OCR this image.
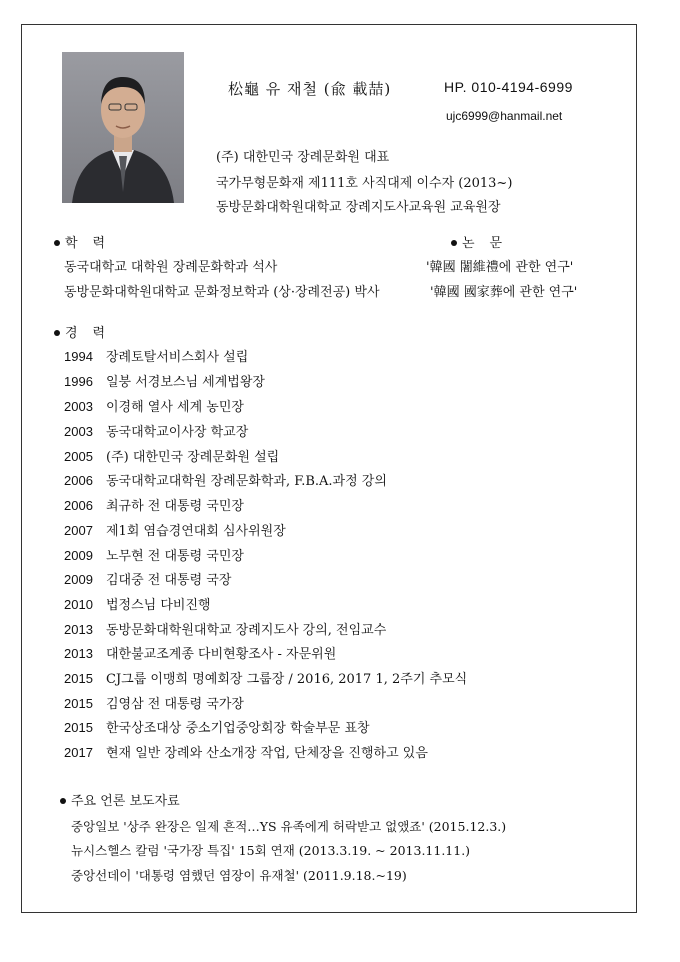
松龜 유 재철 (兪 載喆)	HP. 010-4194-6999
ujc6999@hanmail.net
(주) 대한민국 장례문화원 대표
국가무형문화재 제111호 사직대제 이수자 (2013~)
동방문화대학원대학교 장례지도사교육원 교육원장
학　력
동국대학교 대학원 장례문화학과 석사
동방문화대학원대학교 문화정보학과 (상·장례전공) 박사
논　문
'韓國 闍維禮에 관한 연구'
'韓國 國家葬에 관한 연구'
경　력
1994 장례토탈서비스회사 설립
1996 일붕 서경보스님 세계법왕장
2003 이경해 열사 세계 농민장
2003 동국대학교이사장 학교장
2005 (주) 대한민국 장례문화원 설립
2006 동국대학교대학원 장례문화학과, F.B.A.과정 강의
2006 최규하 전 대통령 국민장
2007 제1회 염습경연대회 심사위원장
2009 노무현 전 대통령 국민장
2009 김대중 전 대통령 국장
2010 법정스님 다비진행
2013 동방문화대학원대학교 장례지도사 강의, 전임교수
2013 대한불교조계종 다비현황조사 - 자문위원
2015 CJ그룹 이맹희 명예회장 그룹장 / 2016, 2017 1, 2주기 추모식
2015 김영삼 전 대통령 국가장
2015 한국상조대상 중소기업중앙회장 학술부문 표창
2017 현재 일반 장례와 산소개장 작업, 단체장을 진행하고 있음
주요 언론 보도자료
중앙일보 '상주 완장은 일제 흔적…YS 유족에게 허락받고 없앴죠' (2015.12.3.)
뉴시스헬스 칼럼 '국가장 특집' 15회 연재 (2013.3.19. ~ 2013.11.11.)
중앙선데이 '대통령 염했던 염장이 유재철' (2011.9.18.~19)
